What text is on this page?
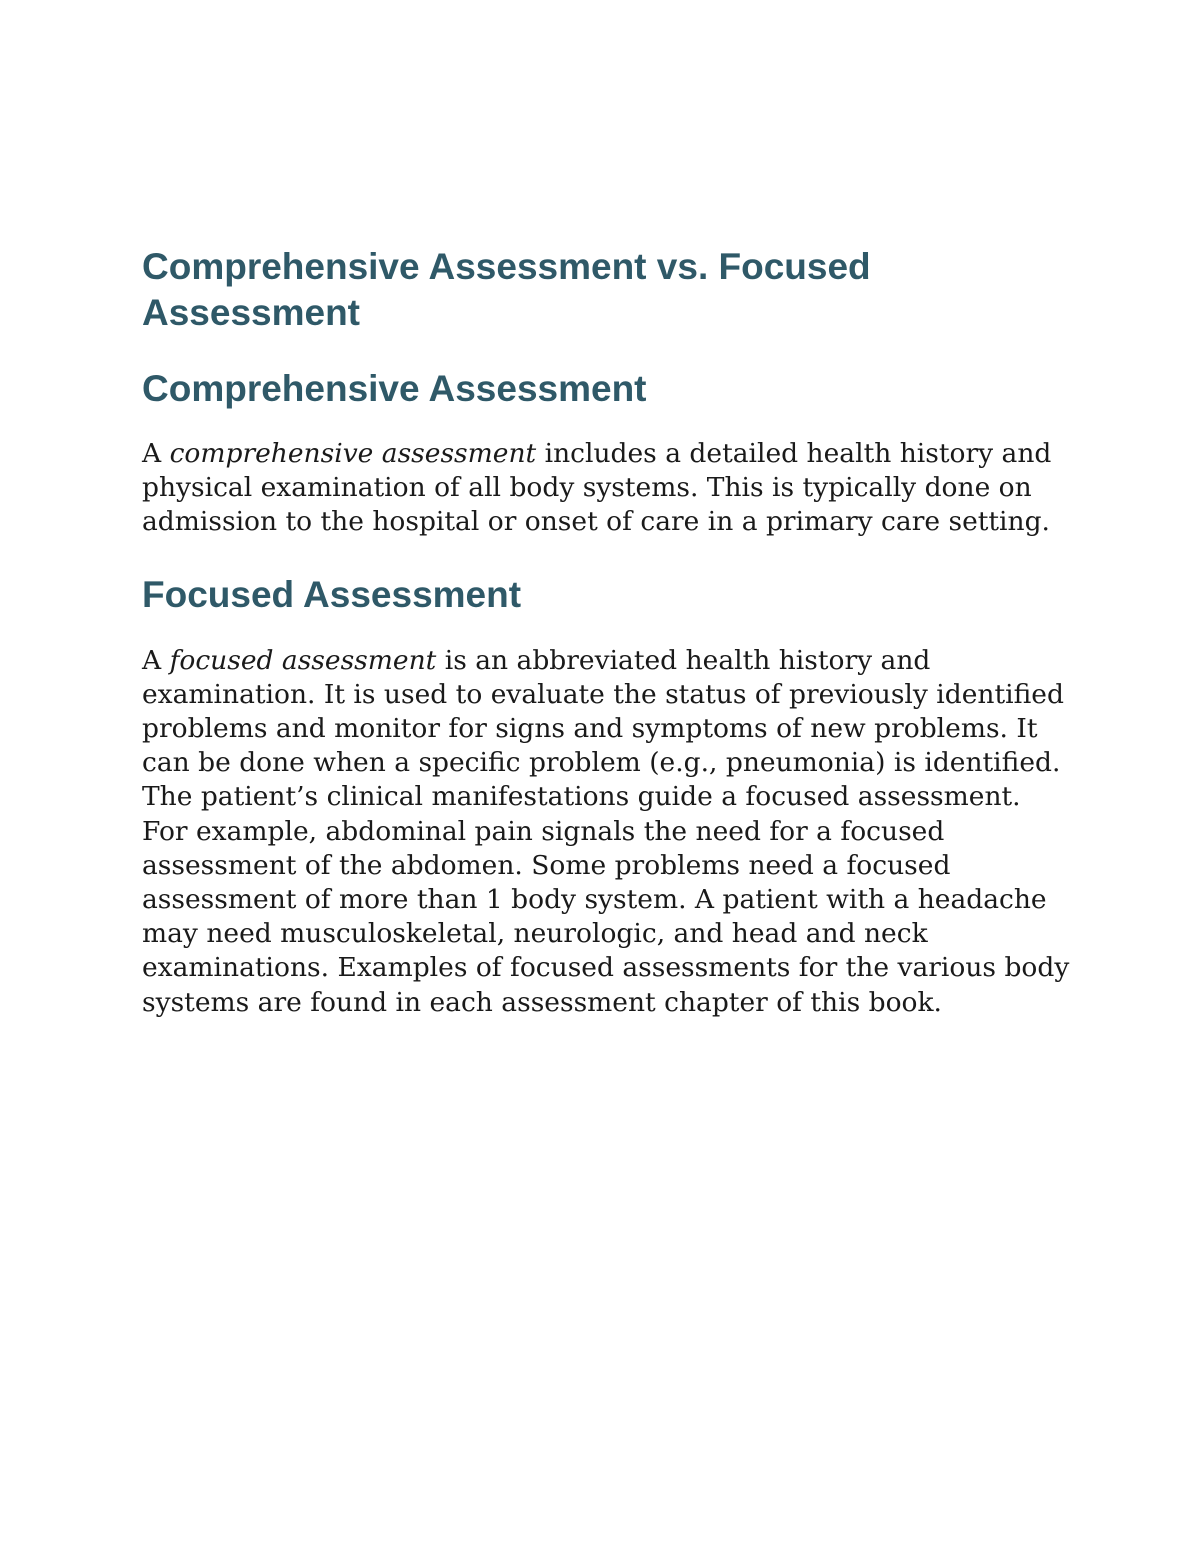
Comprehensive Assessment vs. Focused Assessment
Comprehensive Assessment

A comprehensive assessment includes a detailed health history and physical examination of all body systems. This is typically done on admission to the hospital or onset of care in a primary care setting.

Focused Assessment

A focused assessment is an abbreviated health history and examination. It is used to evaluate the status of previously identified problems and monitor for signs and symptoms of new problems. It can be done when a specific problem (e.g., pneumonia) is identified. The patient’s clinical manifestations guide a focused assessment. For example, abdominal pain signals the need for a focused assessment of the abdomen. Some problems need a focused assessment of more than 1 body system. A patient with a headache may need musculoskeletal, neurologic, and head and neck examinations. Examples of focused assessments for the various body systems are found in each assessment chapter of this book.
